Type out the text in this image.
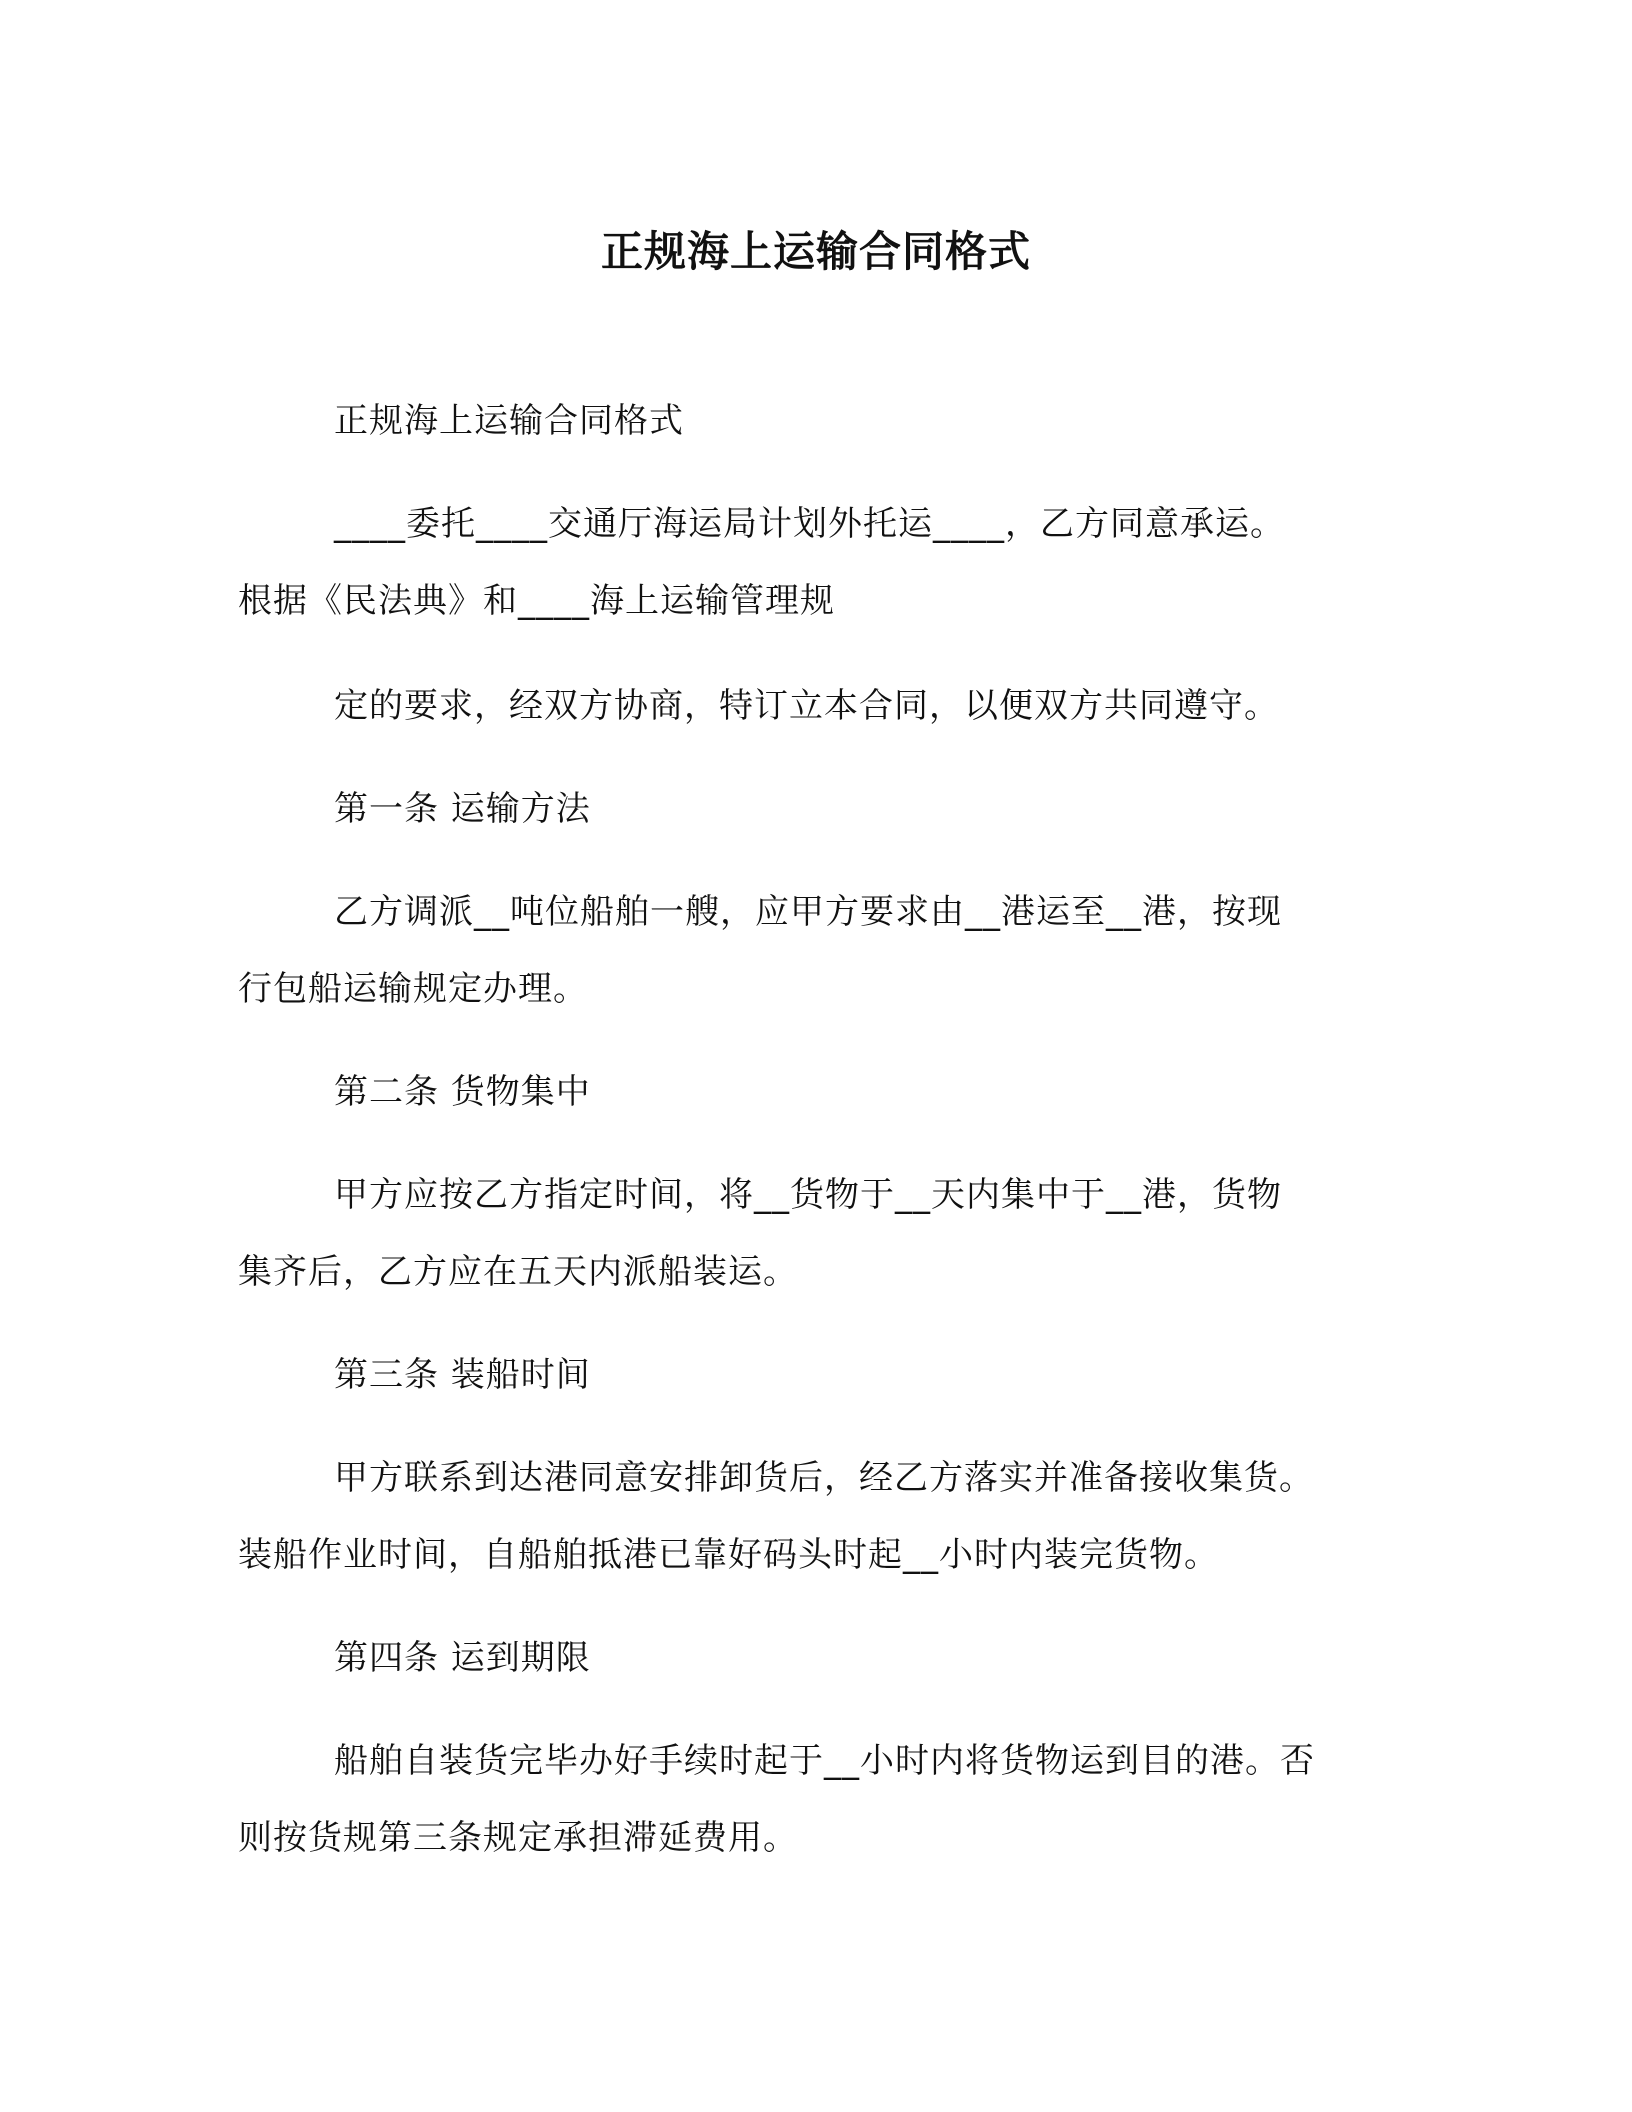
正规海上运输合同格式
正规海上运输合同格式
____委托____交通厅海运局计划外托运____，乙方同意承运。
根据《民法典》和____海上运输管理规
定的要求，经双方协商，特订立本合同，以便双方共同遵守。
第一条 运输方法
乙方调派__吨位船舶一艘，应甲方要求由__港运至__港，按现
行包船运输规定办理。
第二条 货物集中
甲方应按乙方指定时间，将__货物于__天内集中于__港，货物
集齐后，乙方应在五天内派船装运。
第三条 装船时间
甲方联系到达港同意安排卸货后，经乙方落实并准备接收集货。
装船作业时间，自船舶抵港已靠好码头时起__小时内装完货物。
第四条 运到期限
船舶自装货完毕办好手续时起于__小时内将货物运到目的港。否
则按货规第三条规定承担滞延费用。
